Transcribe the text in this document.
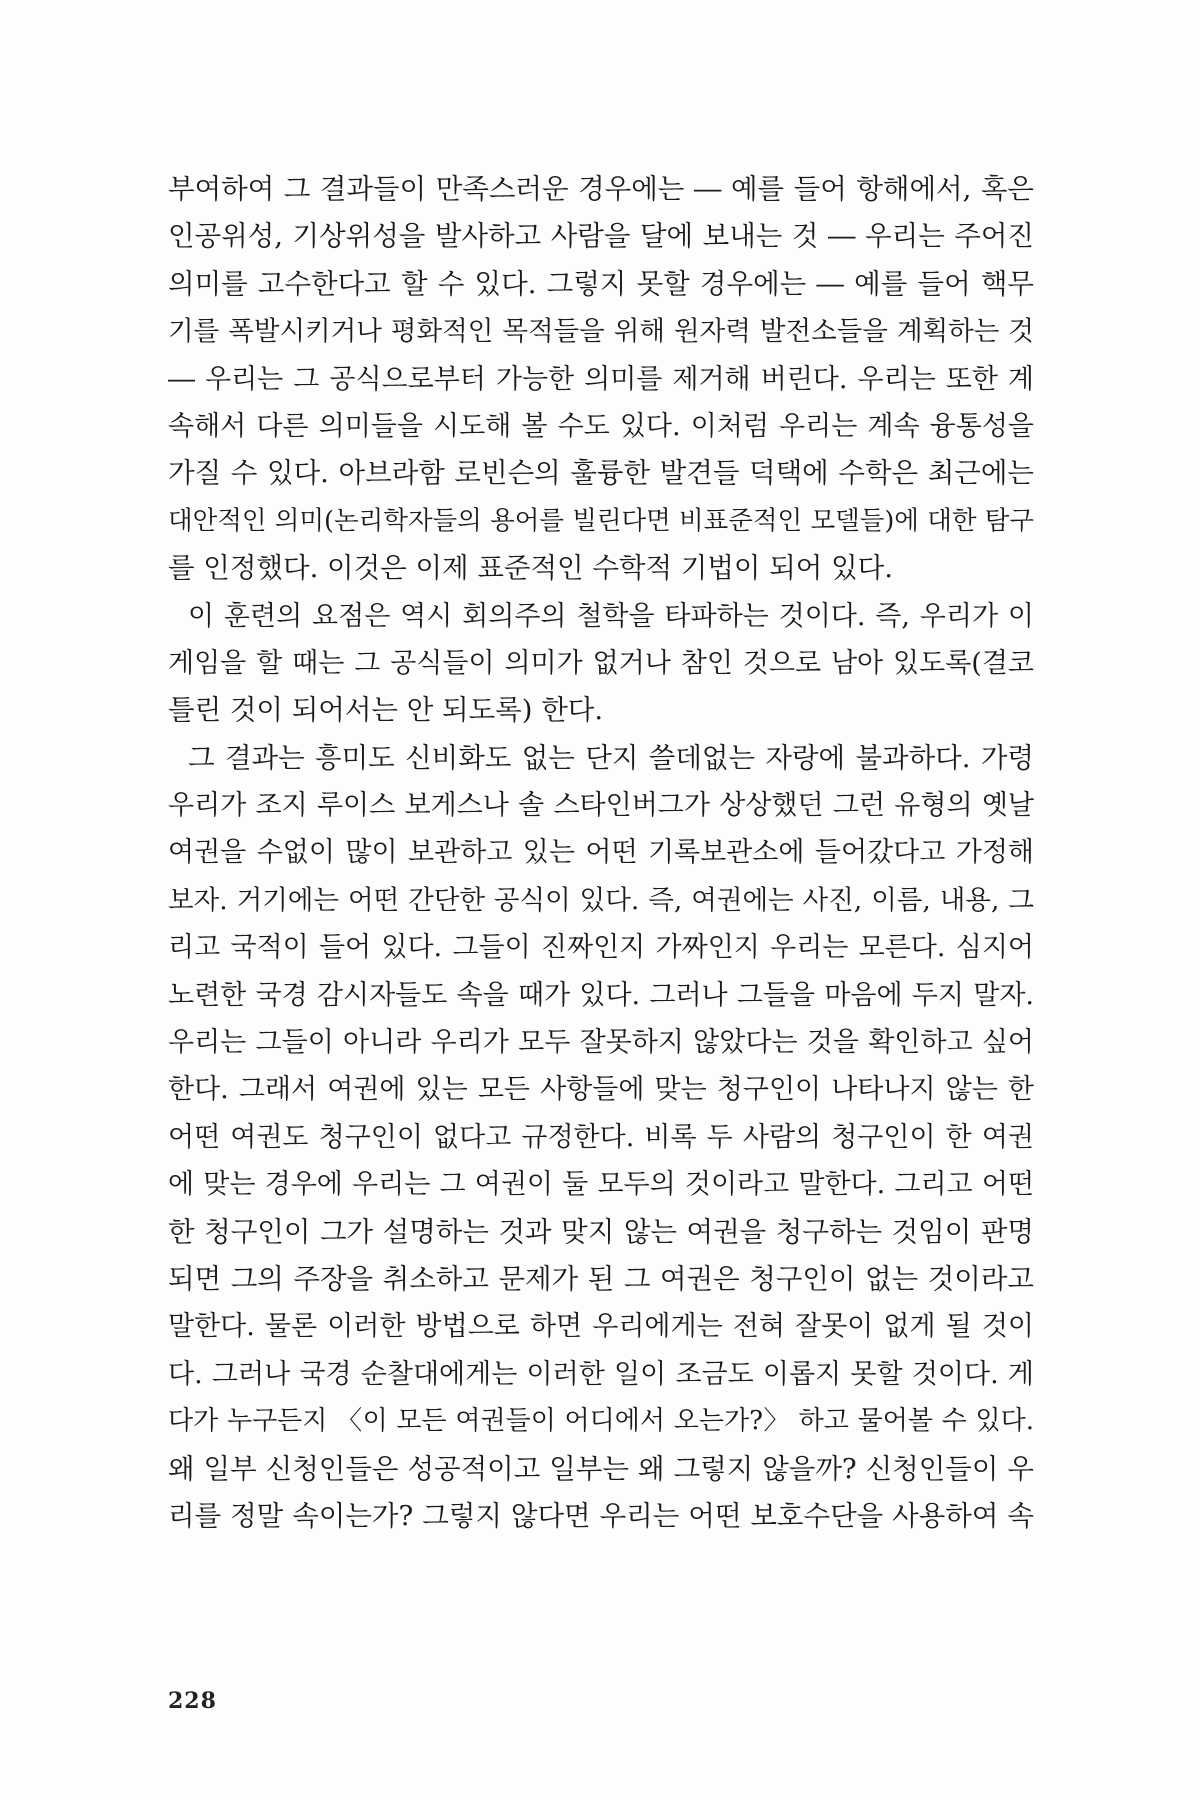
부여하여 그 결과들이 만족스러운 경우에는 ― 예를 들어 항해에서, 혹은
인공위성, 기상위성을 발사하고 사람을 달에 보내는 것 ― 우리는 주어진
의미를 고수한다고 할 수 있다. 그렇지 못할 경우에는 ― 예를 들어 핵무
기를 폭발시키거나 평화적인 목적들을 위해 원자력 발전소들을 계획하는 것
― 우리는 그 공식으로부터 가능한 의미를 제거해 버린다. 우리는 또한 계
속해서 다른 의미들을 시도해 볼 수도 있다. 이처럼 우리는 계속 융통성을
가질 수 있다. 아브라함 로빈슨의 훌륭한 발견들 덕택에 수학은 최근에는
대안적인 의미(논리학자들의 용어를 빌린다면 비표준적인 모델들)에 대한 탐구
를 인정했다. 이것은 이제 표준적인 수학적 기법이 되어 있다.
이 훈련의 요점은 역시 회의주의 철학을 타파하는 것이다. 즉, 우리가 이
게임을 할 때는 그 공식들이 의미가 없거나 참인 것으로 남아 있도록(결코
틀린 것이 되어서는 안 되도록) 한다.
그 결과는 흥미도 신비화도 없는 단지 쓸데없는 자랑에 불과하다. 가령
우리가 조지 루이스 보게스나 솔 스타인버그가 상상했던 그런 유형의 옛날
여권을 수없이 많이 보관하고 있는 어떤 기록보관소에 들어갔다고 가정해
보자. 거기에는 어떤 간단한 공식이 있다. 즉, 여권에는 사진, 이름, 내용, 그
리고 국적이 들어 있다. 그들이 진짜인지 가짜인지 우리는 모른다. 심지어
노련한 국경 감시자들도 속을 때가 있다. 그러나 그들을 마음에 두지 말자.
우리는 그들이 아니라 우리가 모두 잘못하지 않았다는 것을 확인하고 싶어
한다. 그래서 여권에 있는 모든 사항들에 맞는 청구인이 나타나지 않는 한
어떤 여권도 청구인이 없다고 규정한다. 비록 두 사람의 청구인이 한 여권
에 맞는 경우에 우리는 그 여권이 둘 모두의 것이라고 말한다. 그리고 어떤
한 청구인이 그가 설명하는 것과 맞지 않는 여권을 청구하는 것임이 판명
되면 그의 주장을 취소하고 문제가 된 그 여권은 청구인이 없는 것이라고
말한다. 물론 이러한 방법으로 하면 우리에게는 전혀 잘못이 없게 될 것이
다. 그러나 국경 순찰대에게는 이러한 일이 조금도 이롭지 못할 것이다. 게
다가 누구든지 〈이 모든 여권들이 어디에서 오는가?〉 하고 물어볼 수 있다.
왜 일부 신청인들은 성공적이고 일부는 왜 그렇지 않을까? 신청인들이 우
리를 정말 속이는가? 그렇지 않다면 우리는 어떤 보호수단을 사용하여 속
228
